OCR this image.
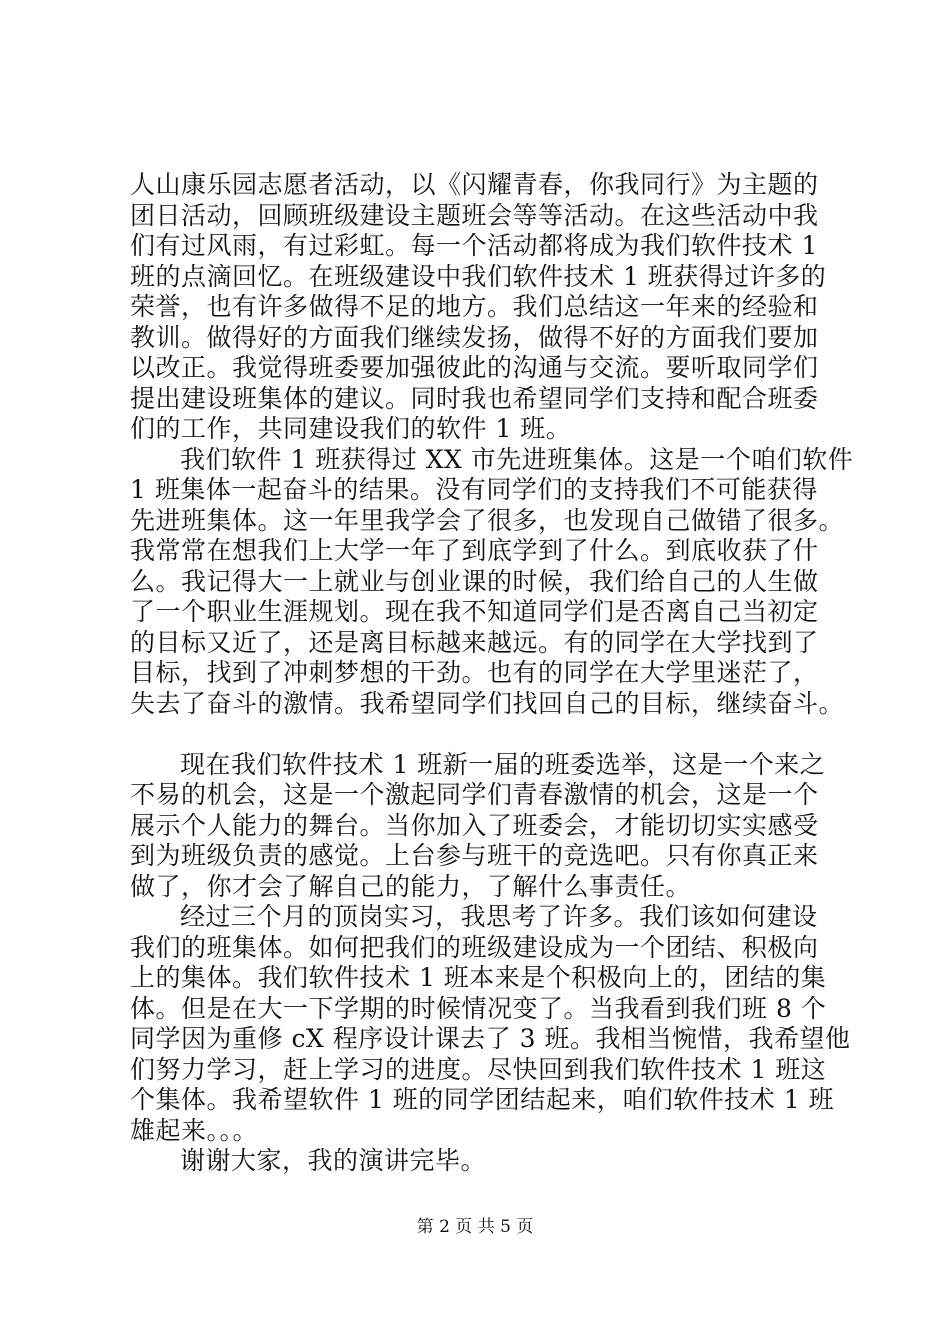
人山康乐园志愿者活动，以《闪耀青春，你我同行》为主题的
团日活动，回顾班级建设主题班会等等活动。在这些活动中我
们有过风雨，有过彩虹。每一个活动都将成为我们软件技术 1
班的点滴回忆。在班级建设中我们软件技术 1 班获得过许多的
荣誉，也有许多做得不足的地方。我们总结这一年来的经验和
教训。做得好的方面我们继续发扬，做得不好的方面我们要加
以改正。我觉得班委要加强彼此的沟通与交流。要听取同学们
提出建设班集体的建议。同时我也希望同学们支持和配合班委
们的工作，共同建设我们的软件 1 班。
我们软件 1 班获得过 XX 市先进班集体。这是一个咱们软件
1 班集体一起奋斗的结果。没有同学们的支持我们不可能获得
先进班集体。这一年里我学会了很多，也发现自己做错了很多。
我常常在想我们上大学一年了到底学到了什么。到底收获了什
么。我记得大一上就业与创业课的时候，我们给自己的人生做
了一个职业生涯规划。现在我不知道同学们是否离自己当初定
的目标又近了，还是离目标越来越远。有的同学在大学找到了
目标，找到了冲刺梦想的干劲。也有的同学在大学里迷茫了，
失去了奋斗的激情。我希望同学们找回自己的目标，继续奋斗。
现在我们软件技术 1 班新一届的班委选举，这是一个来之
不易的机会，这是一个激起同学们青春激情的机会，这是一个
展示个人能力的舞台。当你加入了班委会，才能切切实实感受
到为班级负责的感觉。上台参与班干的竞选吧。只有你真正来
做了，你才会了解自己的能力，了解什么事责任。
经过三个月的顶岗实习，我思考了许多。我们该如何建设
我们的班集体。如何把我们的班级建设成为一个团结、积极向
上的集体。我们软件技术 1 班本来是个积极向上的，团结的集
体。但是在大一下学期的时候情况变了。当我看到我们班 8 个
同学因为重修 cX 程序设计课去了 3 班。我相当惋惜，我希望他
们努力学习，赶上学习的进度。尽快回到我们软件技术 1 班这
个集体。我希望软件 1 班的同学团结起来，咱们软件技术 1 班
雄起来。。。
谢谢大家，我的演讲完毕。
第 2 页 共 5 页
